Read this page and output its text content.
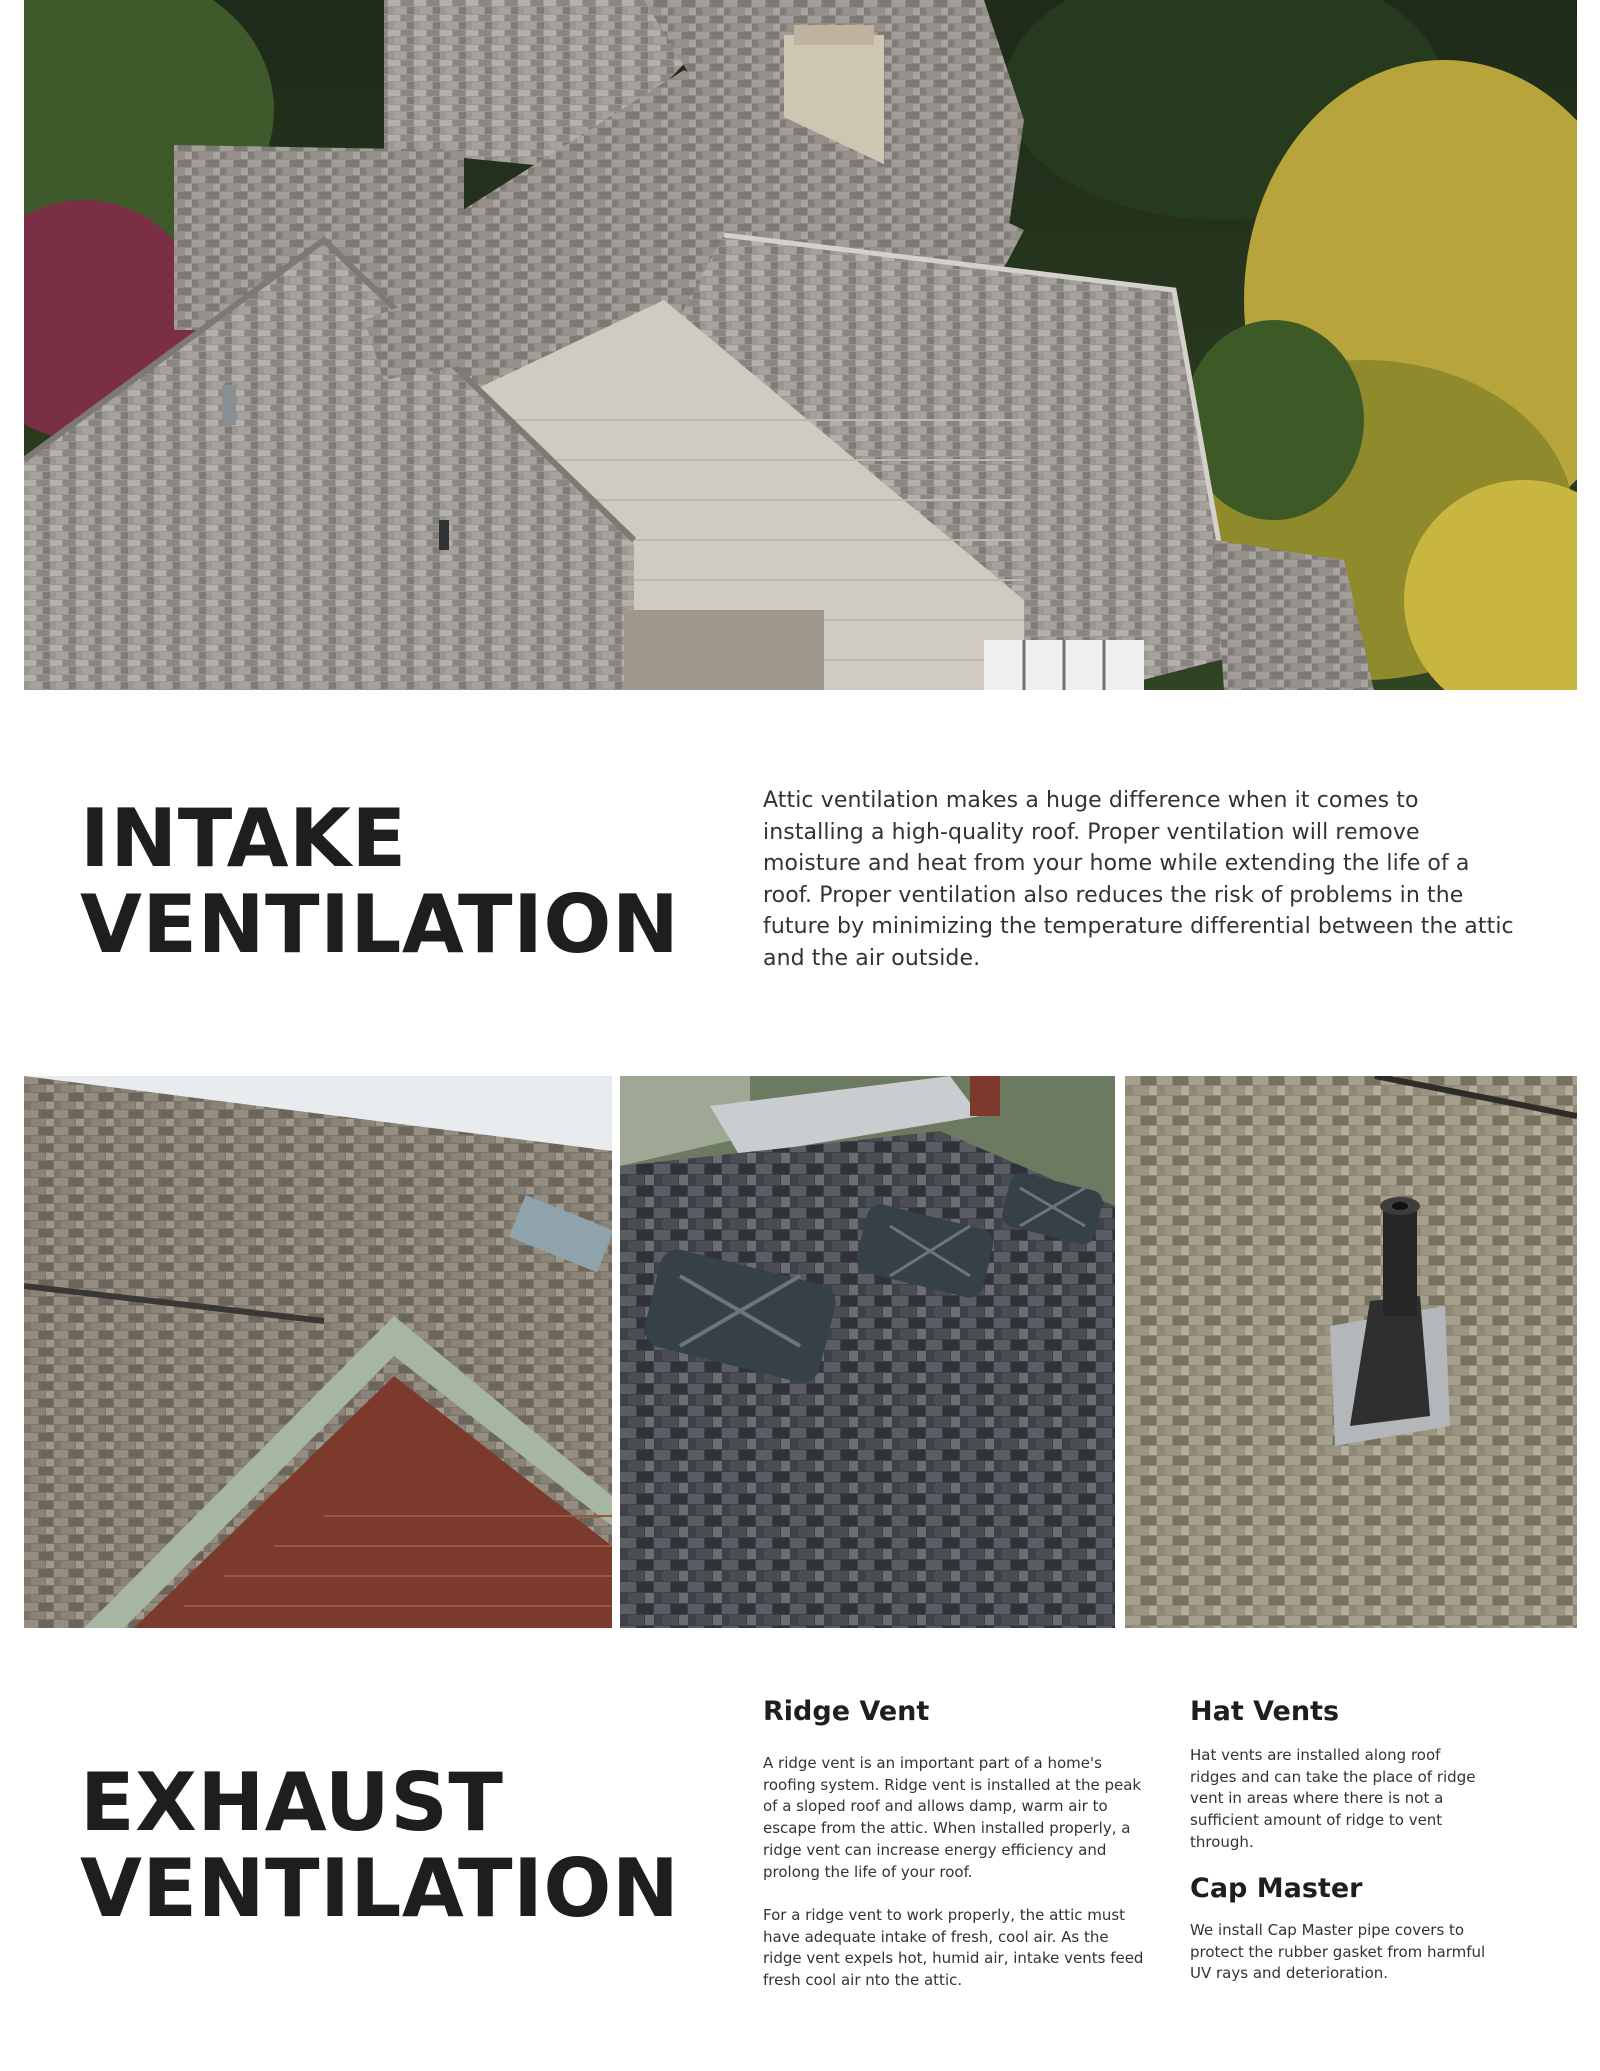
INTAKE
VENTILATION

Attic ventilation makes a huge difference when it comes to installing a high-quality roof. Proper ventilation will remove moisture and heat from your home while extending the life of a roof. Proper ventilation also reduces the risk of problems in the future by minimizing the temperature differential between the attic and the air outside.

EXHAUST
VENTILATION
Ridge Vent

A ridge vent is an important part of a home's roofing system. Ridge vent is installed at the peak of a sloped roof and allows damp, warm air to escape from the attic. When installed properly, a ridge vent can increase energy efficiency and prolong the life of your roof.

For a ridge vent to work properly, the attic must have adequate intake of fresh, cool air. As the ridge vent expels hot, humid air, intake vents feed fresh cool air nto the attic.

Hat Vents

Hat vents are installed along roof ridges and can take the place of ridge vent in areas where there is not a sufficient amount of ridge to vent through.

Cap Master

We install Cap Master pipe covers to protect the rubber gasket from harmful UV rays and deterioration.
